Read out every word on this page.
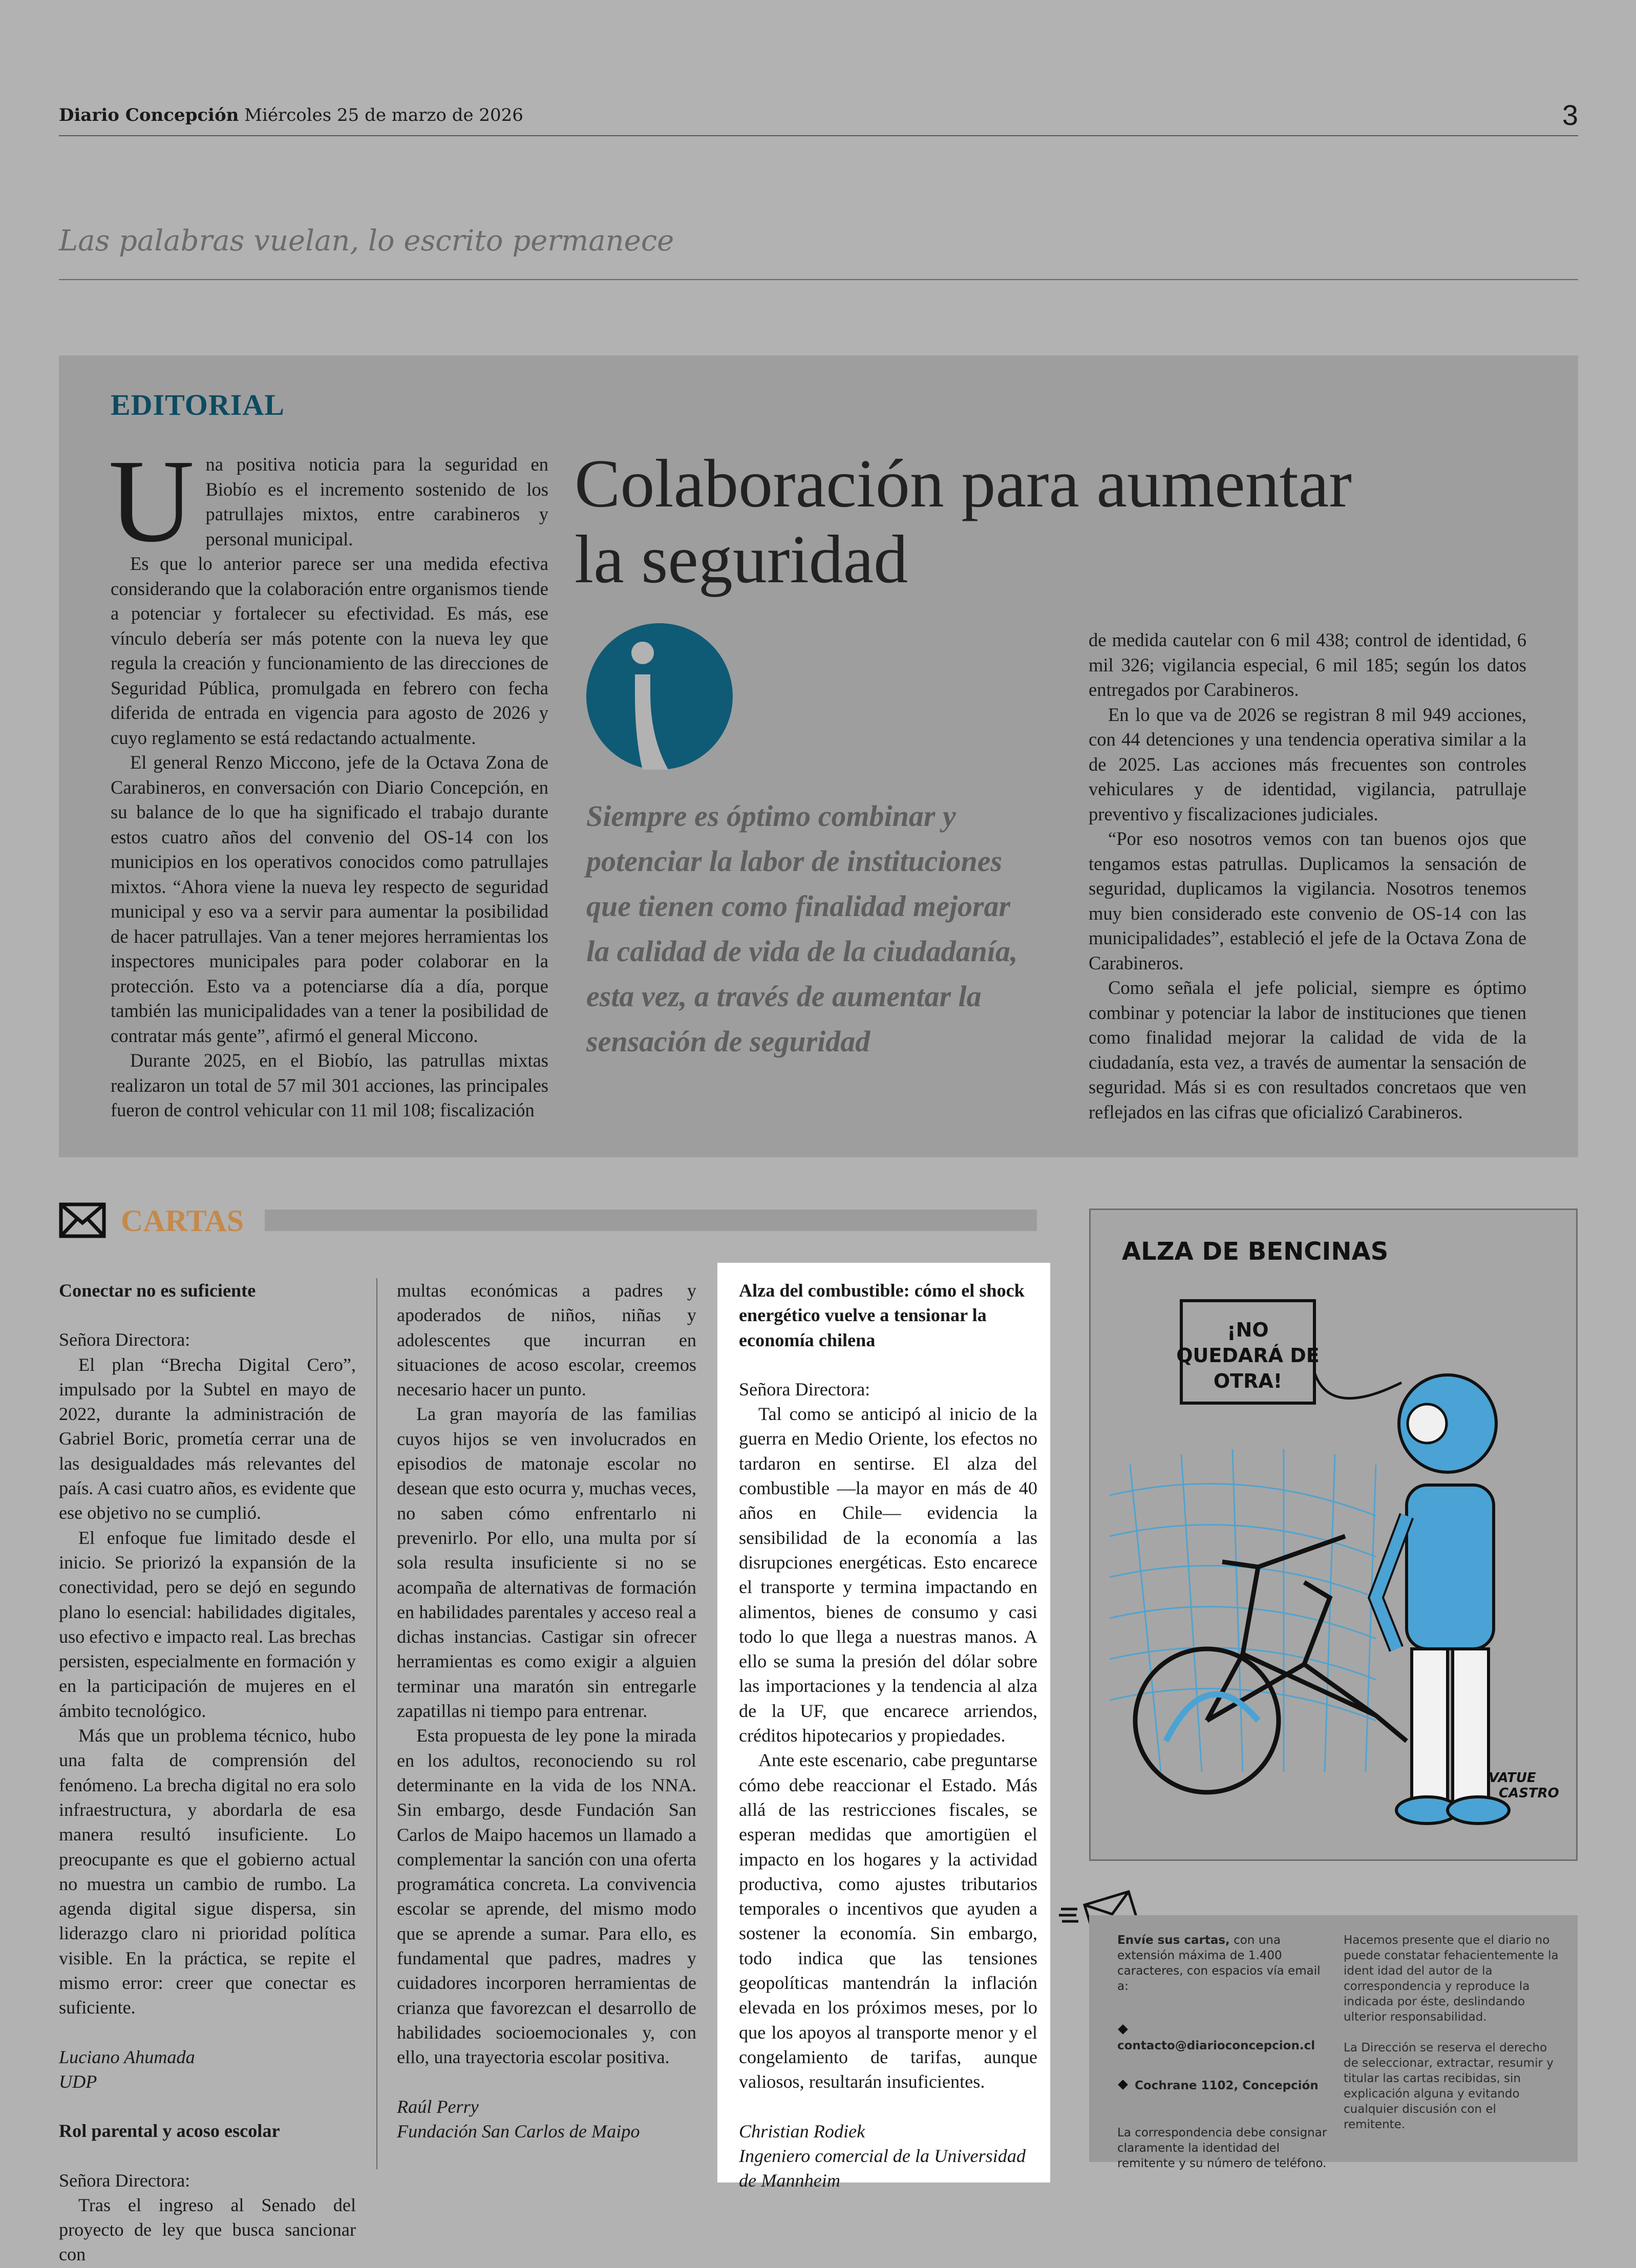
Diario Concepción Miércoles 25 de marzo de 2026	3
Las palabras vuelan, lo escrito permanece
EDITORIAL

Una positiva noticia para la seguridad en Biobío es el incremento sostenido de los patrullajes mixtos, entre carabineros y personal municipal.

Es que lo anterior parece ser una medida efectiva considerando que la colaboración entre organismos tiende a potenciar y fortalecer su efectividad. Es más, ese vínculo debería ser más potente con la nueva ley que regula la creación y funcionamiento de las direcciones de Seguridad Pública, promulgada en febrero con fecha diferida de entrada en vigencia para agosto de 2026 y cuyo reglamento se está redactando actualmente.

El general Renzo Miccono, jefe de la Octava Zona de Carabineros, en conversación con Diario Concepción, en su balance de lo que ha significado el trabajo durante estos cuatro años del convenio del OS-14 con los municipios en los operativos conocidos como patrullajes mixtos. “Ahora viene la nueva ley respecto de seguridad municipal y eso va a servir para aumentar la posibilidad de hacer patrullajes. Van a tener mejores herramientas los inspectores municipales para poder colaborar en la protección. Esto va a potenciarse día a día, porque también las municipalidades van a tener la posibilidad de contratar más gente”, afirmó el general Miccono.

Durante 2025, en el Biobío, las patrullas mixtas realizaron un total de 57 mil 301 acciones, las principales fueron de control vehicular con 11 mil 108; fiscalización

Colaboración para aumentar
la seguridad
Siempre es óptimo combinar y potenciar la labor de instituciones que tienen como finalidad mejorar la calidad de vida de la ciudadanía, esta vez, a través de aumentar la sensación de seguridad

de medida cautelar con 6 mil 438; control de identidad, 6 mil 326; vigilancia especial, 6 mil 185; según los datos entregados por Carabineros.

En lo que va de 2026 se registran 8 mil 949 acciones, con 44 detenciones y una tendencia operativa similar a la de 2025. Las acciones más frecuentes son controles vehiculares y de identidad, vigilancia, patrullaje preventivo y fiscalizaciones judiciales.

“Por eso nosotros vemos con tan buenos ojos que tengamos estas patrullas. Duplicamos la sensación de seguridad, duplicamos la vigilancia. Nosotros tenemos muy bien considerado este convenio de OS-14 con las municipalidades”, estableció el jefe de la Octava Zona de Carabineros.

Como señala el jefe policial, siempre es óptimo combinar y potenciar la labor de instituciones que tienen como finalidad mejorar la calidad de vida de la ciudadanía, esta vez, a través de aumentar la sensación de seguridad. Más si es con resultados concretaos que ven reflejados en las cifras que oficializó Carabineros.

CARTAS

Conectar no es suficiente

Señora Directora:

El plan “Brecha Digital Cero”, impulsado por la Subtel en mayo de 2022, durante la administración de Gabriel Boric, prometía cerrar una de las desigualdades más relevantes del país. A casi cuatro años, es evidente que ese objetivo no se cumplió.

El enfoque fue limitado desde el inicio. Se priorizó la expansión de la conectividad, pero se dejó en segundo plano lo esencial: habilidades digitales, uso efectivo e impacto real. Las brechas persisten, especialmente en formación y en la participación de mujeres en el ámbito tecnológico.

Más que un problema técnico, hubo una falta de comprensión del fenómeno. La brecha digital no era solo infraestructura, y abordarla de esa manera resultó insuficiente. Lo preocupante es que el gobierno actual no muestra un cambio de rumbo. La agenda digital sigue dispersa, sin liderazgo claro ni prioridad política visible. En la práctica, se repite el mismo error: creer que conectar es suficiente.

Luciano Ahumada

UDP

Rol parental y acoso escolar

Señora Directora:

Tras el ingreso al Senado del proyecto de ley que busca sancionar con

multas económicas a padres y apoderados de niños, niñas y adolescentes que incurran en situaciones de acoso escolar, creemos necesario hacer un punto.

La gran mayoría de las familias cuyos hijos se ven involucrados en episodios de matonaje escolar no desean que esto ocurra y, muchas veces, no saben cómo enfrentarlo ni prevenirlo. Por ello, una multa por sí sola resulta insuficiente si no se acompaña de alternativas de formación en habilidades parentales y acceso real a dichas instancias. Castigar sin ofrecer herramientas es como exigir a alguien terminar una maratón sin entregarle zapatillas ni tiempo para entrenar.

Esta propuesta de ley pone la mirada en los adultos, reconociendo su rol determinante en la vida de los NNA. Sin embargo, desde Fundación San Carlos de Maipo hacemos un llamado a complementar la sanción con una oferta programática concreta. La convivencia escolar se aprende, del mismo modo que se aprende a sumar. Para ello, es fundamental que padres, madres y cuidadores incorporen herramientas de crianza que favorezcan el desarrollo de habilidades socioemocionales y, con ello, una trayectoria escolar positiva.

Raúl Perry

Fundación San Carlos de Maipo

Alza del combustible: cómo el shock energético vuelve a tensionar la economía chilena

Señora Directora:

Tal como se anticipó al inicio de la guerra en Medio Oriente, los efectos no tardaron en sentirse. El alza del combustible —la mayor en más de 40 años en Chile— evidencia la sensibilidad de la economía a las disrupciones energéticas. Esto encarece el transporte y termina impactando en alimentos, bienes de consumo y casi todo lo que llega a nuestras manos. A ello se suma la presión del dólar sobre las importaciones y la tendencia al alza de la UF, que encarece arriendos, créditos hipotecarios y propiedades.

Ante este escenario, cabe preguntarse cómo debe reaccionar el Estado. Más allá de las restricciones fiscales, se esperan medidas que amortigüen el impacto en los hogares y la actividad productiva, como ajustes tributarios temporales o incentivos que ayuden a sostener la economía. Sin embargo, todo indica que las tensiones geopolíticas mantendrán la inflación elevada en los próximos meses, por lo que los apoyos al transporte menor y el congelamiento de tarifas, aunque valiosos, resultarán insuficientes.

Christian Rodiek

Ingeniero comercial de la Universidad de Mannheim

ALZA DE BENCINAS
¡NO
QUEDARÁ DE
OTRA!
VATUE
CASTRO

Envíe sus cartas, con una extensión máxima de 1.400 caracteres, con espacios vía email a:

contacto@diarioconcepcion.cl

Cochrane 1102, Concepción

La correspondencia debe consignar claramente la identidad del remitente y su número de teléfono.

Hacemos presente que el diario no puede constatar fehacientemente la ident idad del autor de la correspondencia y reproduce la indicada por éste, deslindando ulterior responsabilidad.

La Dirección se reserva el derecho de seleccionar, extractar, resumir y titular las cartas recibidas, sin explicación alguna y evitando cualquier discusión con el remitente.
